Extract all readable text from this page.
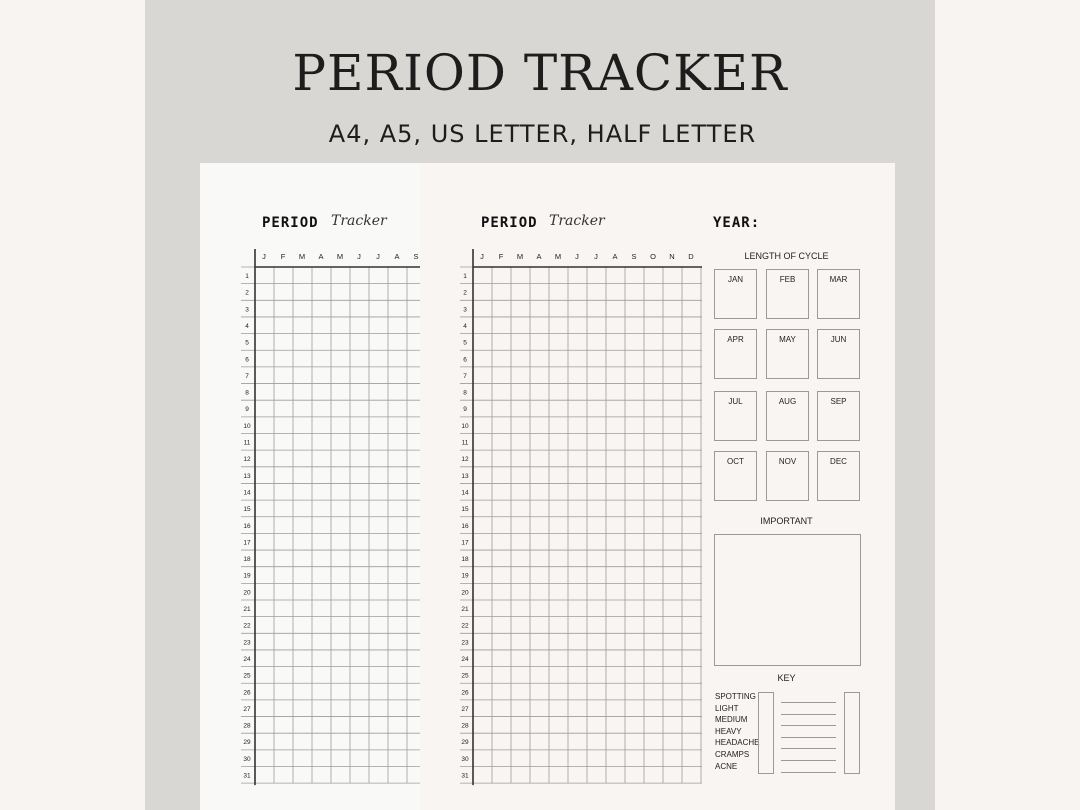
PERIOD TRACKER
A4, A5, US LETTER, HALF LETTER
PERIOD Tracker
J F M A M J J A S
1
2
3
4
5
6
7
8
9
10
11
12
13
14
15
16
17
18
19
20
21
22
23
24
25
26
27
28
29
30
31
PERIOD Tracker	YEAR:
J F M A M J J A S O N D
1
2
3
4
5
6
7
8
9
10
11
12
13
14
15
16
17
18
19
20
21
22
23
24
25
26
27
28
29
30
31
LENGTH OF CYCLE
JAN	FEB	MAR
APR	MAY	JUN
JUL	AUG	SEP
OCT	NOV	DEC
IMPORTANT
KEY
SPOTTING
LIGHT
MEDIUM
HEAVY
HEADACHE
CRAMPS
ACNE
